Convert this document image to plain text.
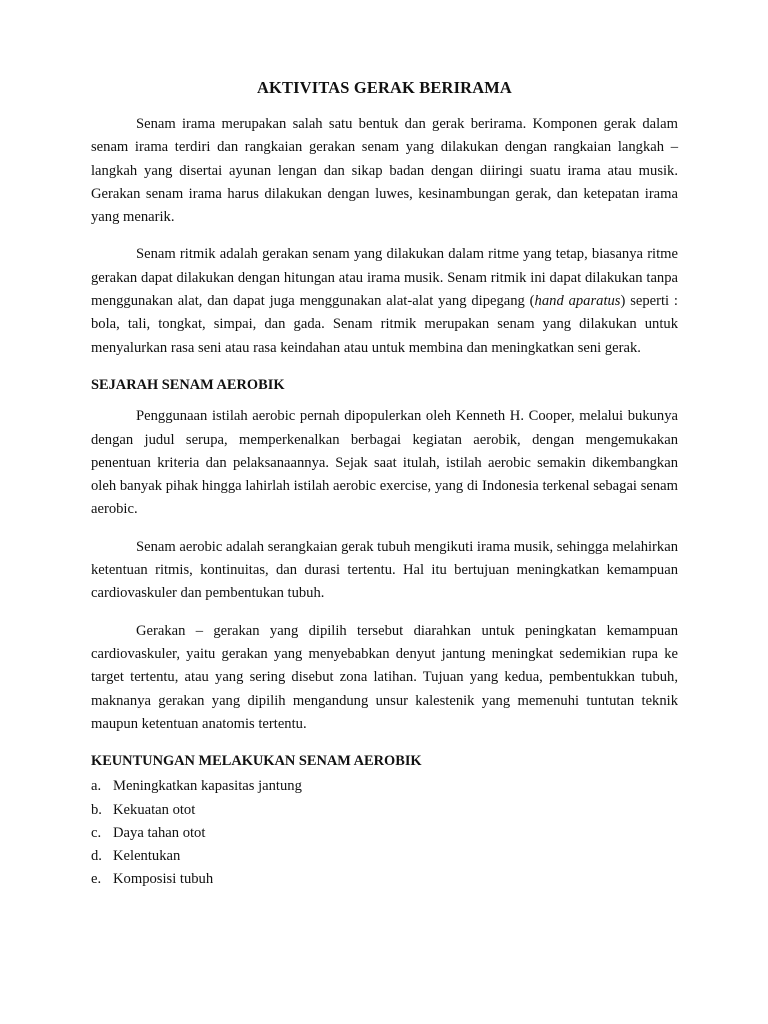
AKTIVITAS GERAK BERIRAMA

Senam irama merupakan salah satu bentuk dan gerak berirama. Komponen gerak dalam senam irama terdiri dan rangkaian gerakan senam yang dilakukan dengan rangkaian langkah – langkah yang disertai ayunan lengan dan sikap badan dengan diiringi suatu irama atau musik. Gerakan senam irama harus dilakukan dengan luwes, kesinambungan gerak, dan ketepatan irama yang menarik.

Senam ritmik adalah gerakan senam yang dilakukan dalam ritme yang tetap, biasanya ritme gerakan dapat dilakukan dengan hitungan atau irama musik. Senam ritmik ini dapat dilakukan tanpa menggunakan alat, dan dapat juga menggunakan alat-alat yang dipegang (hand aparatus) seperti : bola, tali, tongkat, simpai, dan gada. Senam ritmik merupakan senam yang dilakukan untuk menyalurkan rasa seni atau rasa keindahan atau untuk membina dan meningkatkan seni gerak.

SEJARAH SENAM AEROBIK

Penggunaan istilah aerobic pernah dipopulerkan oleh Kenneth H. Cooper, melalui bukunya dengan judul serupa, memperkenalkan berbagai kegiatan aerobik, dengan mengemukakan penentuan kriteria dan pelaksanaannya. Sejak saat itulah, istilah aerobic semakin dikembangkan oleh banyak pihak hingga lahirlah istilah aerobic exercise, yang di Indonesia terkenal sebagai senam aerobic.

Senam aerobic adalah serangkaian gerak tubuh mengikuti irama musik, sehingga melahirkan ketentuan ritmis, kontinuitas, dan durasi tertentu. Hal itu bertujuan meningkatkan kemampuan cardiovaskuler dan pembentukan tubuh.

Gerakan – gerakan yang dipilih tersebut diarahkan untuk peningkatan kemampuan cardiovaskuler, yaitu gerakan yang menyebabkan denyut jantung meningkat sedemikian rupa ke target tertentu, atau yang sering disebut zona latihan. Tujuan yang kedua, pembentukkan tubuh, maknanya gerakan yang dipilih mengandung unsur kalestenik yang memenuhi tuntutan teknik maupun ketentuan anatomis tertentu.

KEUNTUNGAN MELAKUKAN SENAM AEROBIK
a. Meningkatkan kapasitas jantung
b. Kekuatan otot
c. Daya tahan otot
d. Kelentukan
e. Komposisi tubuh
